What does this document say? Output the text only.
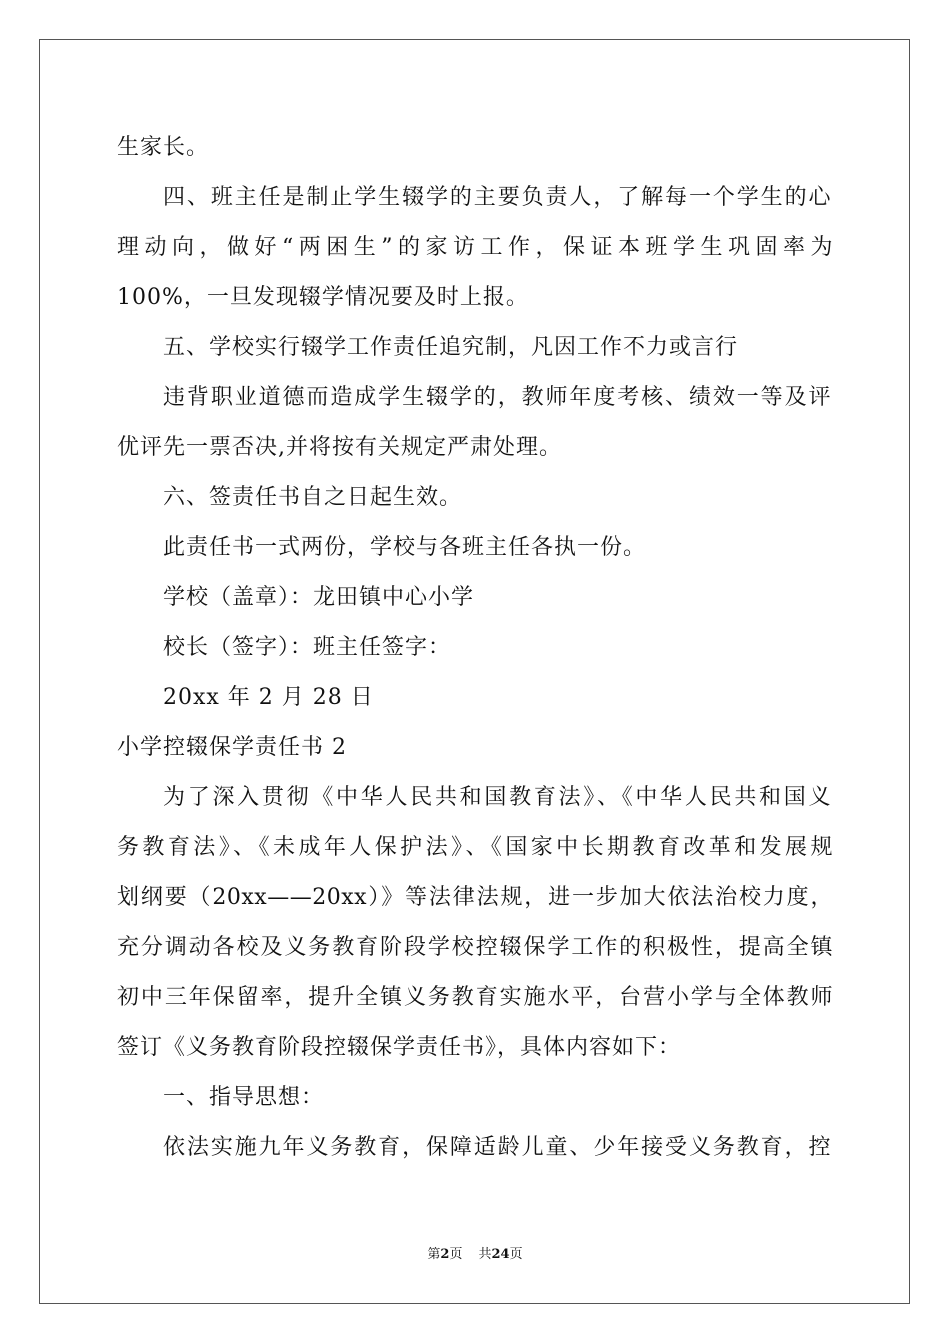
生家长。
四、班主任是制止学生辍学的主要负责人，了解每一个学生的心
理动向，做好“两困生”的家访工作，保证本班学生巩固率为
100%，一旦发现辍学情况要及时上报。
五、学校实行辍学工作责任追究制，凡因工作不力或言行
违背职业道德而造成学生辍学的，教师年度考核、绩效一等及评
优评先一票否决,并将按有关规定严肃处理。
六、签责任书自之日起生效。
此责任书一式两份，学校与各班主任各执一份。
学校（盖章）：龙田镇中心小学
校长（签字）：班主任签字：
20xx 年 2 月 28 日
小学控辍保学责任书 2
为了深入贯彻《中华人民共和国教育法》、《中华人民共和国义
务教育法》、《未成年人保护法》、《国家中长期教育改革和发展规
划纲要（20xx——20xx）》等法律法规，进一步加大依法治校力度，
充分调动各校及义务教育阶段学校控辍保学工作的积极性，提高全镇
初中三年保留率，提升全镇义务教育实施水平，台营小学与全体教师
签订《义务教育阶段控辍保学责任书》，具体内容如下：
一、指导思想：
依法实施九年义务教育，保障适龄儿童、少年接受义务教育，控
第2页 共24页
